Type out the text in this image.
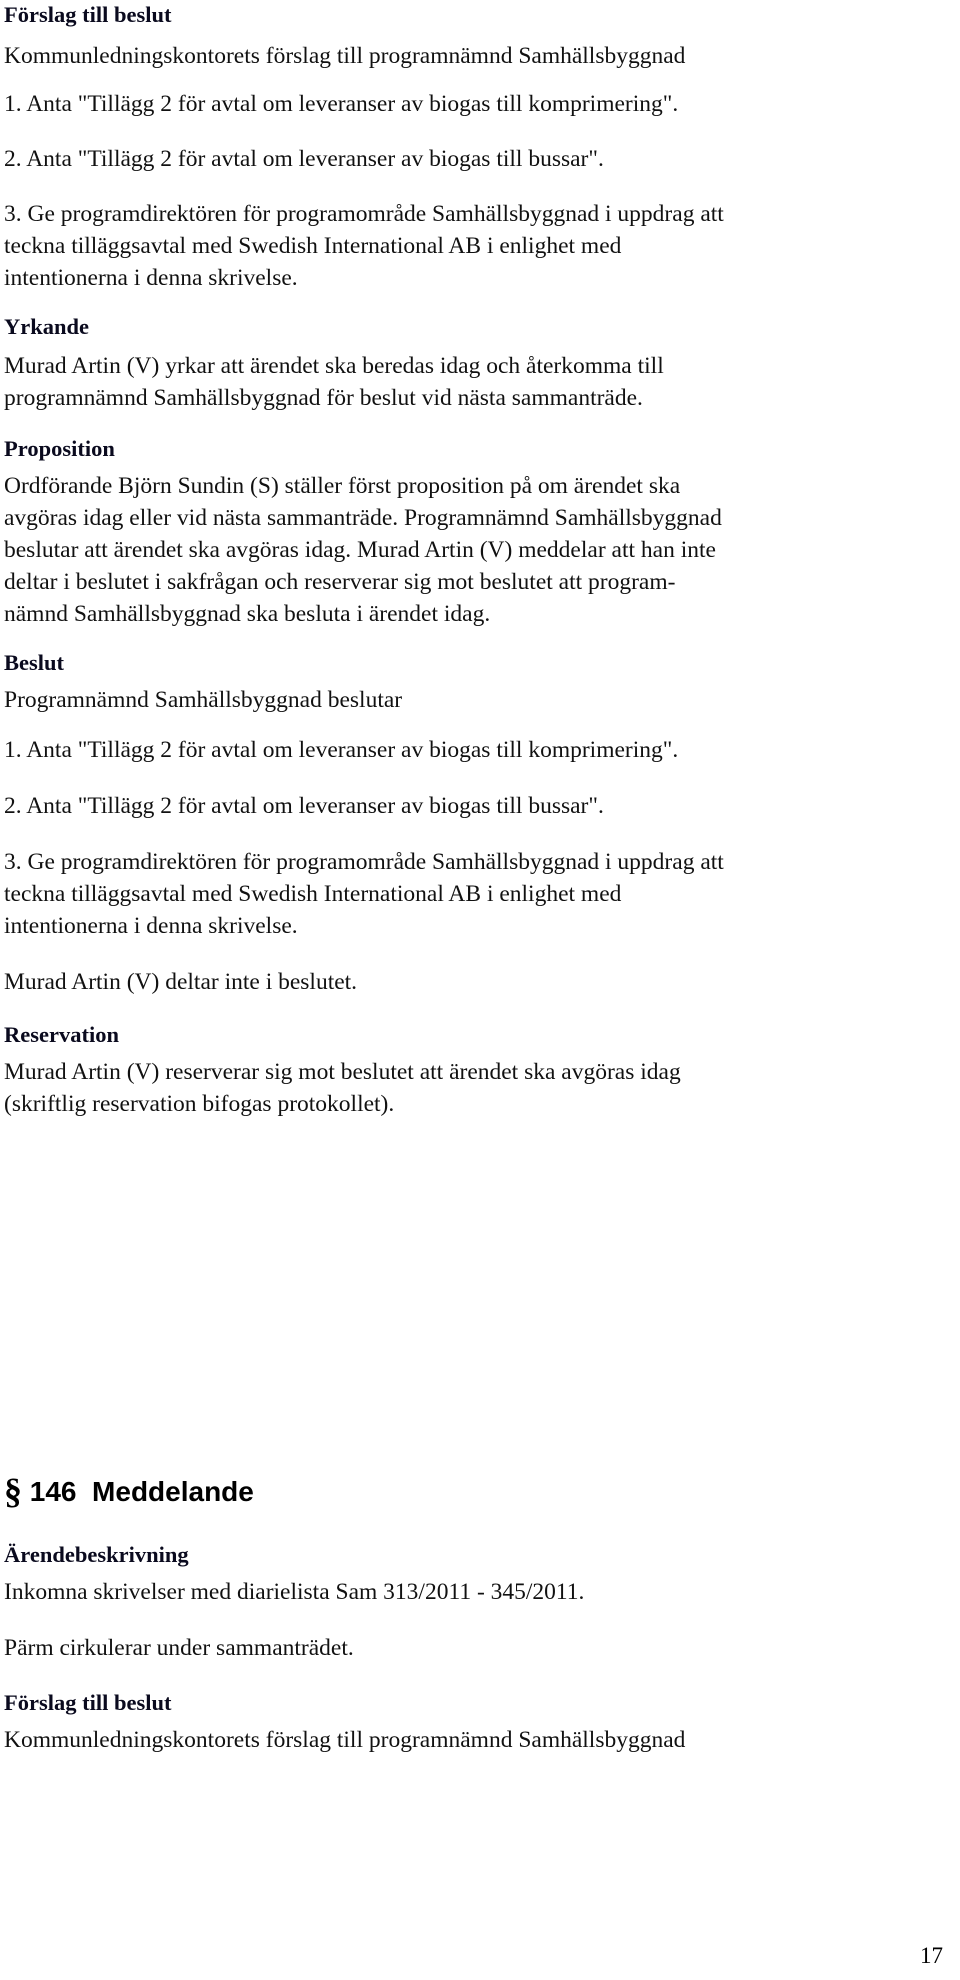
Förslag till beslut
Kommunledningskontorets förslag till programnämnd Samhällsbyggnad
1. Anta "Tillägg 2 för avtal om leveranser av biogas till komprimering".
2. Anta "Tillägg 2 för avtal om leveranser av biogas till bussar".
3. Ge programdirektören för programområde Samhällsbyggnad i uppdrag att
teckna tilläggsavtal med Swedish International AB i enlighet med
intentionerna i denna skrivelse.
Yrkande
Murad Artin (V) yrkar att ärendet ska beredas idag och återkomma till
programnämnd Samhällsbyggnad för beslut vid nästa sammanträde.
Proposition
Ordförande Björn Sundin (S) ställer först proposition på om ärendet ska
avgöras idag eller vid nästa sammanträde. Programnämnd Samhällsbyggnad
beslutar att ärendet ska avgöras idag. Murad Artin (V) meddelar att han inte
deltar i beslutet i sakfrågan och reserverar sig mot beslutet att program-
nämnd Samhällsbyggnad ska besluta i ärendet idag.
Beslut
Programnämnd Samhällsbyggnad beslutar
1. Anta "Tillägg 2 för avtal om leveranser av biogas till komprimering".
2. Anta "Tillägg 2 för avtal om leveranser av biogas till bussar".
3. Ge programdirektören för programområde Samhällsbyggnad i uppdrag att
teckna tilläggsavtal med Swedish International AB i enlighet med
intentionerna i denna skrivelse.
Murad Artin (V) deltar inte i beslutet.
Reservation
Murad Artin (V) reserverar sig mot beslutet att ärendet ska avgöras idag
(skriftlig reservation bifogas protokollet).
§ 146  Meddelande
Ärendebeskrivning
Inkomna skrivelser med diarielista Sam 313/2011 - 345/2011.
Pärm cirkulerar under sammanträdet.
Förslag till beslut
Kommunledningskontorets förslag till programnämnd Samhällsbyggnad
17
